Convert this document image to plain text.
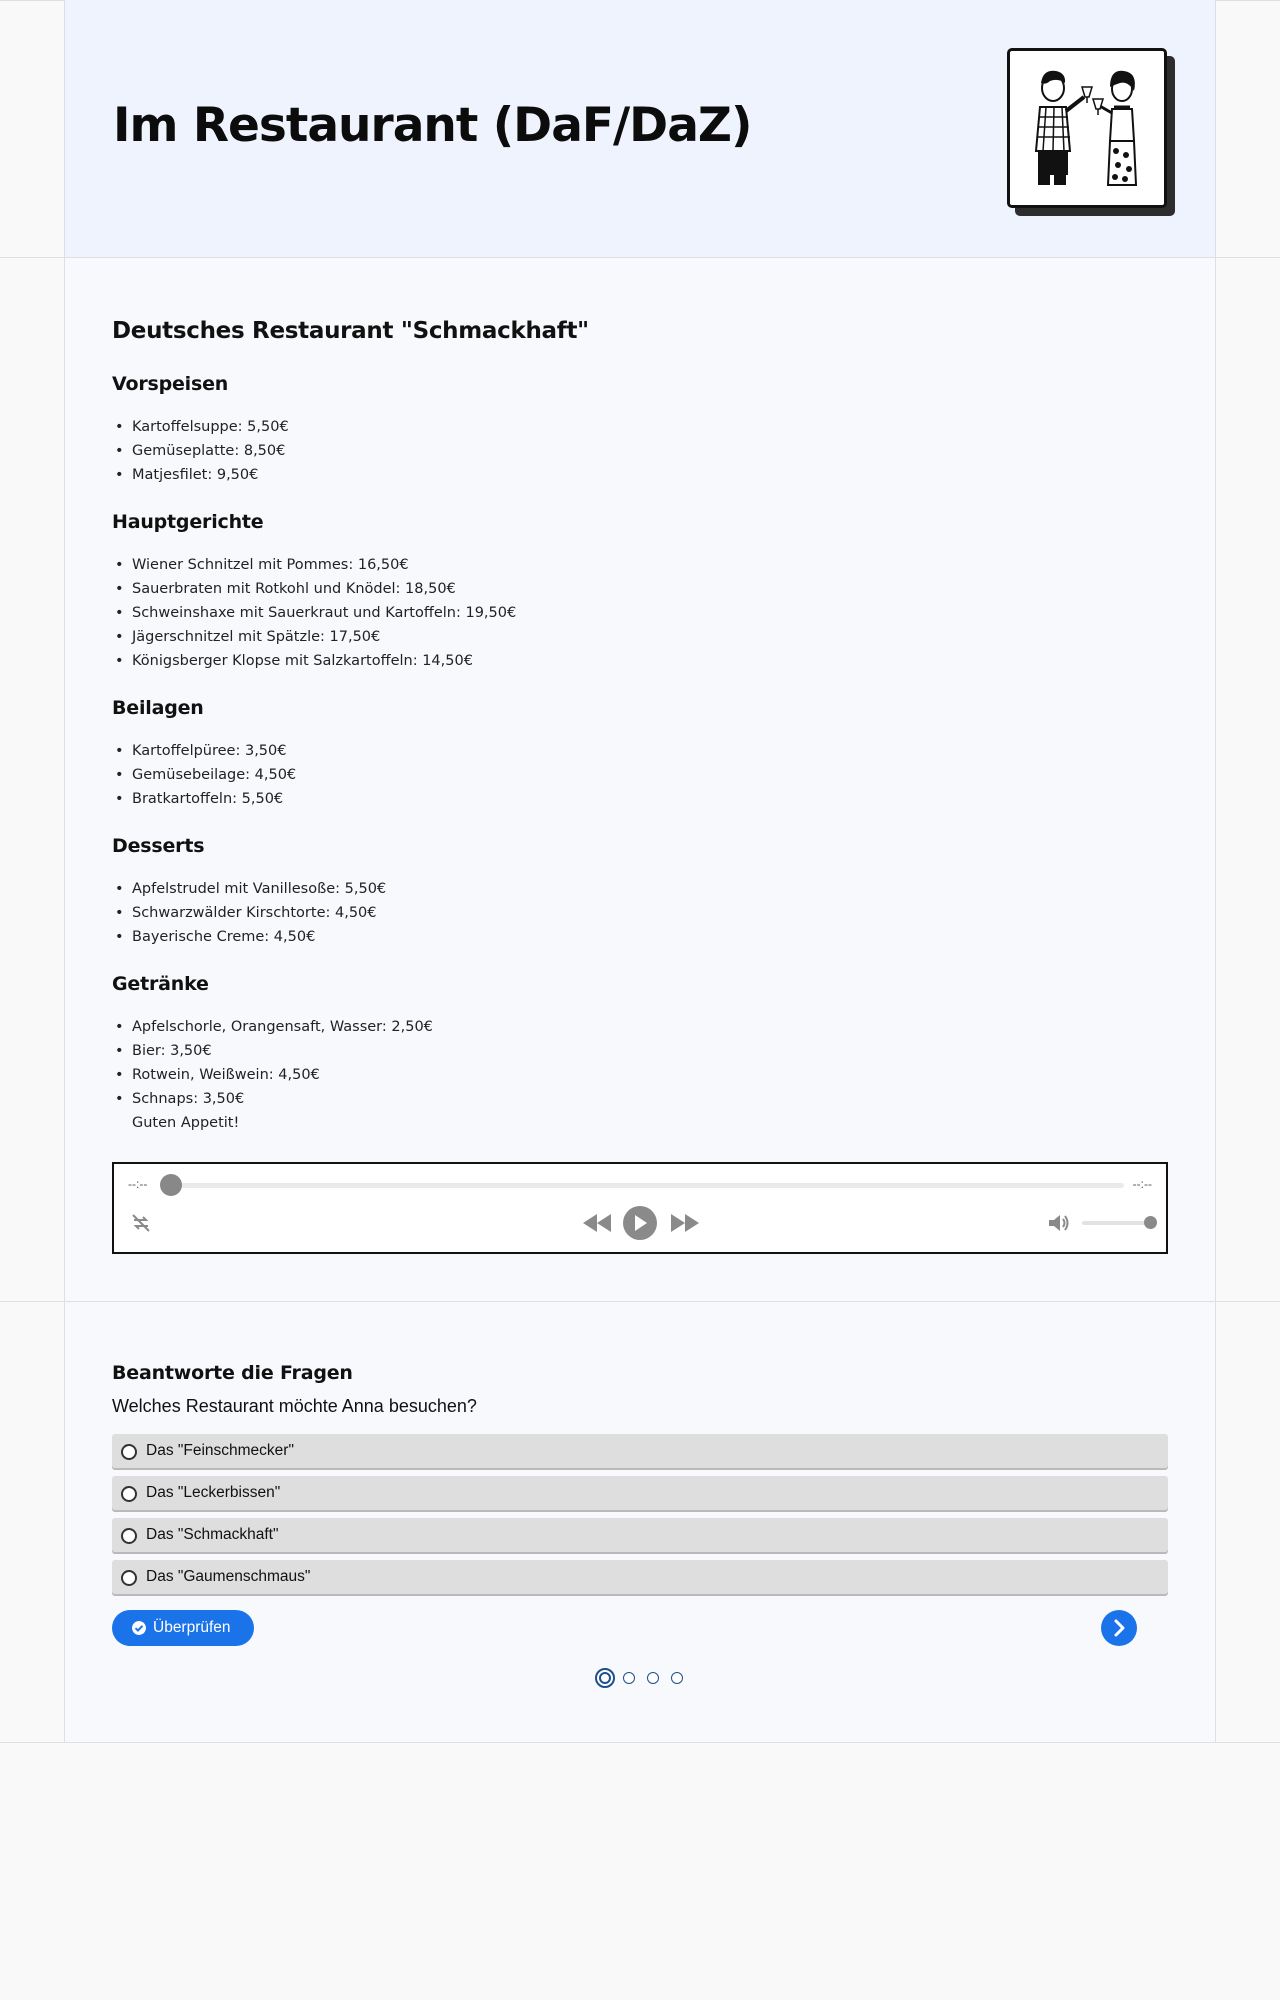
Im Restaurant (DaF/DaZ)
Deutsches Restaurant "Schmackhaft"
Vorspeisen
• Kartoffelsuppe: 5,50€
• Gemüseplatte: 8,50€
• Matjesfilet: 9,50€
Hauptgerichte
• Wiener Schnitzel mit Pommes: 16,50€
• Sauerbraten mit Rotkohl und Knödel: 18,50€
• Schweinshaxe mit Sauerkraut und Kartoffeln: 19,50€
• Jägerschnitzel mit Spätzle: 17,50€
• Königsberger Klopse mit Salzkartoffeln: 14,50€
Beilagen
• Kartoffelpüree: 3,50€
• Gemüsebeilage: 4,50€
• Bratkartoffeln: 5,50€
Desserts
• Apfelstrudel mit Vanillesoße: 5,50€
• Schwarzwälder Kirschtorte: 4,50€
• Bayerische Creme: 4,50€
Getränke
• Apfelschorle, Orangensaft, Wasser: 2,50€
• Bier: 3,50€
• Rotwein, Weißwein: 4,50€
• Schnaps: 3,50€

Guten Appetit!

--:--	--:--
Beantworte die Fragen

Welches Restaurant möchte Anna besuchen?

Das "Feinschmecker"
Das "Leckerbissen"
Das "Schmackhaft"
Das "Gaumenschmaus"
Überprüfen
